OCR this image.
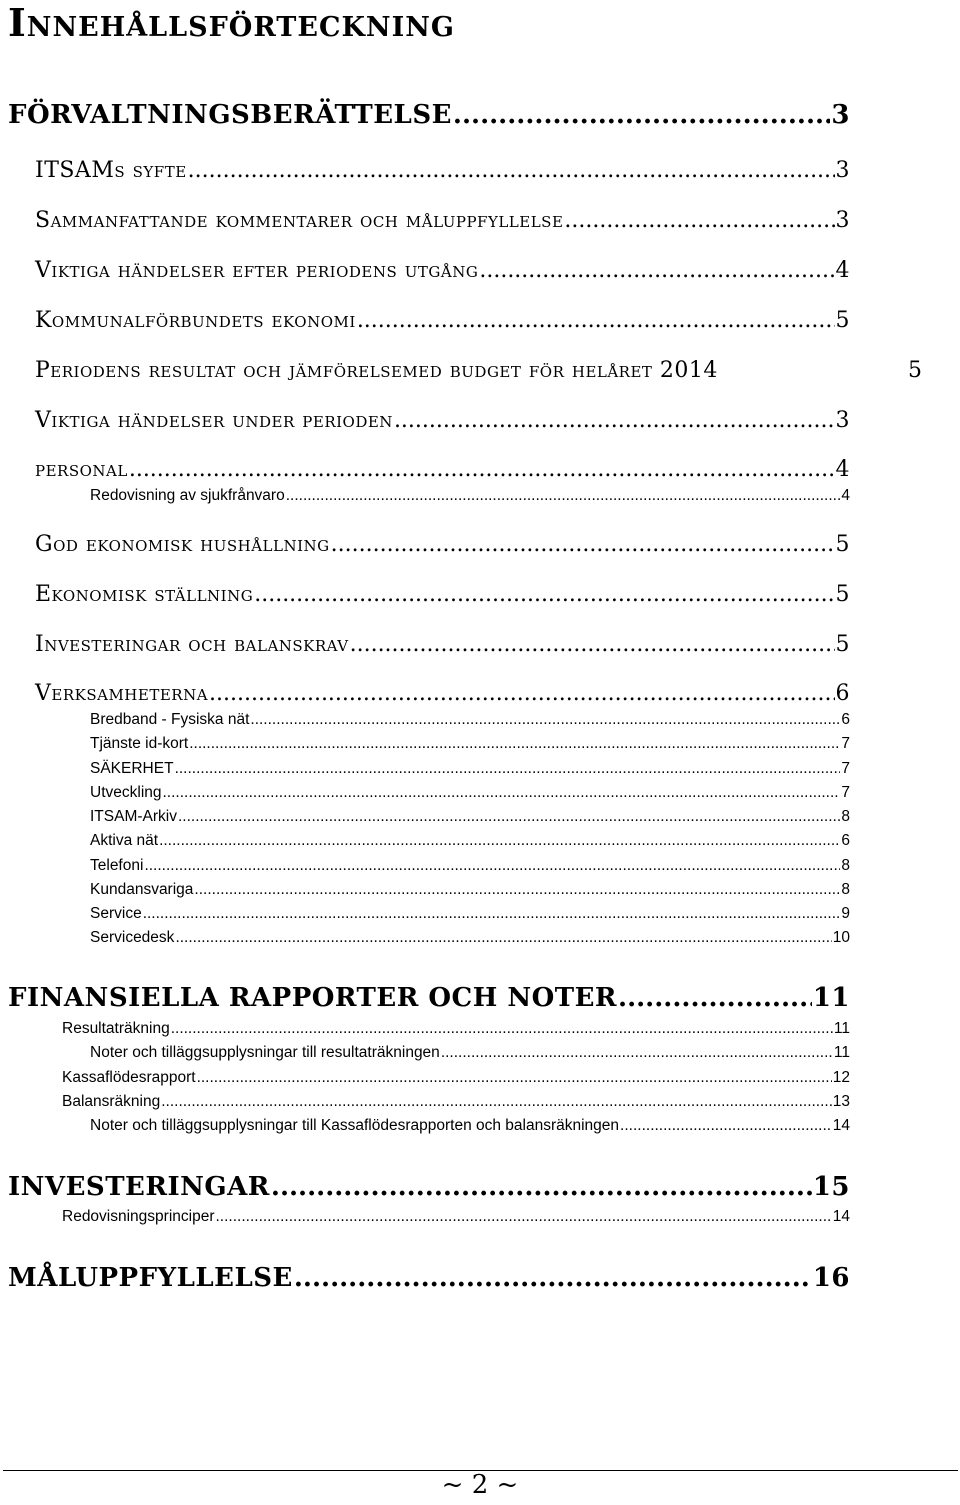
Innehållsförteckning
FÖRVALTNINGSBERÄTTELSE .....	3
ITSAMs syfte .....	3
Sammanfattande kommentarer och måluppfyllelse .....	3
Viktiga händelser efter periodens utgång .....	4
Kommunalförbundets ekonomi .....	5
Periodens resultat och jämförelsemed budget för helåret 2014	5
Viktiga händelser under perioden .....	3
personal .....	4
Redovisning av sjukfrånvaro .....	4
God ekonomisk hushållning .....	5
Ekonomisk ställning .....	5
Investeringar och balanskrav .....	5
Verksamheterna .....	6
Bredband - Fysiska nät .....	6
Tjänste id-kort .....	7
SÄKERHET .....	7
Utveckling .....	7
ITSAM-Arkiv .....	8
Aktiva nät .....	6
Telefoni .....	8
Kundansvariga .....	8
Service .....	9
Servicedesk .....	10
FINANSIELLA RAPPORTER OCH NOTER .....	11
Resultaträkning .....	11
Noter och tilläggsupplysningar till resultaträkningen .....	11
Kassaflödesrapport .....	12
Balansräkning .....	13
Noter och tilläggsupplysningar till Kassaflödesrapporten och balansräkningen .....	14
INVESTERINGAR .....	15
Redovisningsprinciper .....	14
MÅLUPPFYLLELSE .....	16
~ 2 ~
